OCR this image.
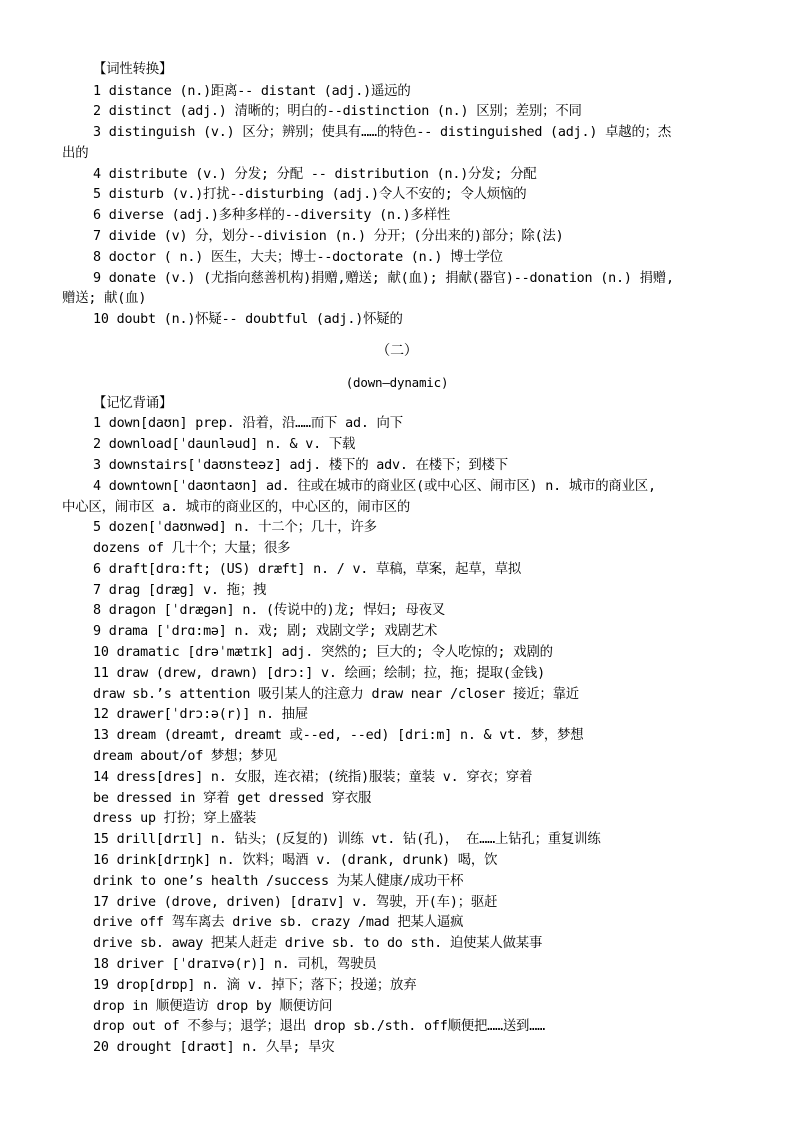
【词性转换】

1 distance (n.)距离-- distant (adj.)遥远的

2 distinct (adj.) 清晰的；明白的--distinction (n.) 区别；差别；不同

3 distinguish (v.) 区分；辨别；使具有……的特色-- distinguished (adj.) 卓越的；杰

出的

4 distribute (v.) 分发; 分配 -- distribution (n.)分发; 分配

5 disturb (v.)打扰--disturbing (adj.)令人不安的; 令人烦恼的

6 diverse (adj.)多种多样的--diversity (n.)多样性

7 divide (v) 分，划分--division (n.) 分开；(分出来的)部分；除(法)

8 doctor ( n.) 医生，大夫；博士--doctorate (n.) 博士学位

9 donate (v.) (尤指向慈善机构)捐赠,赠送; 献(血); 捐献(器官)--donation (n.) 捐赠,

赠送; 献(血)

10 doubt (n.)怀疑-- doubtful (adj.)怀疑的

（二）

(down—dynamic)

【记忆背诵】

1 down[daʊn] prep. 沿着，沿……而下 ad. 向下

2 download[ˈdaunləud] n. & v. 下载

3 downstairs[ˈdaʊnsteəz] adj. 楼下的 adv. 在楼下；到楼下

4 downtown[ˈdaʊntaʊn] ad. 往或在城市的商业区(或中心区、闹市区) n. 城市的商业区,

中心区，闹市区 a. 城市的商业区的，中心区的，闹市区的

5 dozen[ˈdaʊnwəd] n. 十二个；几十，许多

dozens of 几十个；大量；很多

6 draft[drɑ:ft; (US) dræft] n. / v. 草稿，草案，起草，草拟

7 drag [dræg] v. 拖；拽

8 dragon [ˈdrægən] n. (传说中的)龙; 悍妇; 母夜叉

9 drama [ˈdrɑ:mə] n. 戏; 剧; 戏剧文学; 戏剧艺术

10 dramatic [drəˈmætɪk] adj. 突然的; 巨大的; 令人吃惊的; 戏剧的

11 draw (drew, drawn) [drɔ:] v. 绘画；绘制；拉，拖；提取(金钱)

draw sb.’s attention 吸引某人的注意力 draw near /closer 接近；靠近

12 drawer[ˈdrɔ:ə(r)] n. 抽屉

13 dream (dreamt, dreamt 或--ed, --ed) [dri:m] n. & vt. 梦，梦想

dream about/of 梦想；梦见

14 dress[dres] n. 女服，连衣裙；(统指)服装；童装 v. 穿衣；穿着

be dressed in 穿着 get dressed 穿衣服

dress up 打扮；穿上盛装

15 drill[drɪl] n. 钻头；(反复的) 训练 vt. 钻(孔)， 在……上钻孔；重复训练

16 drink[drɪŋk] n. 饮料；喝酒 v. (drank, drunk) 喝，饮

drink to one’s health /success 为某人健康/成功干杯

17 drive (drove, driven) [draɪv] v. 驾驶，开(车)；驱赶

drive off 驾车离去 drive sb. crazy /mad 把某人逼疯

drive sb. away 把某人赶走 drive sb. to do sth. 迫使某人做某事

18 driver [ˈdraɪvə(r)] n. 司机，驾驶员

19 drop[drɒp] n. 滴 v. 掉下；落下；投递；放弃

drop in 顺便造访 drop by 顺便访问

drop out of 不参与；退学；退出 drop sb./sth. off顺便把……送到……

20 drought [draʊt] n. 久旱; 旱灾
